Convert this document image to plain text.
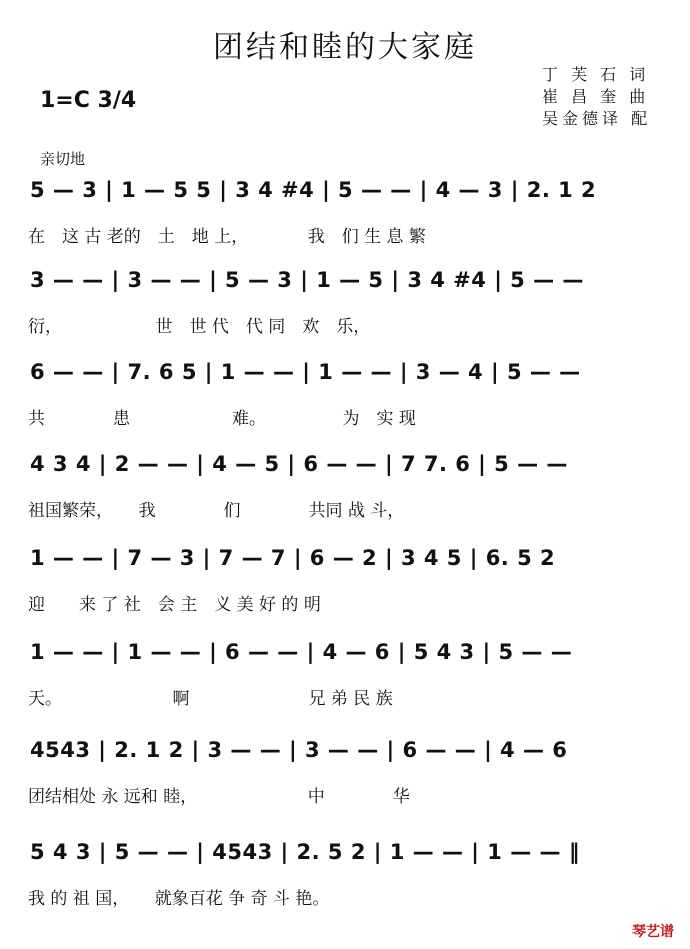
团结和睦的大家庭
1=C 3/4
丁 芙 石 词
崔 昌 奎 曲
吴金德译 配
亲切地
5 — 3 | 1 — 5 5 | 3 4 #4 | 5 — — | 4 — 3 | 2. 1 2
在　这 古 老的　土　地 上，　　　　我　们 生 息 繁
3 — — | 3 — — | 5 — 3 | 1 — 5 | 3 4 #4 | 5 — —
衍，　　　　　　世　世 代　代 同　欢　乐，
6 — — | 7. 6 5 | 1 — — | 1 — — | 3 — 4 | 5 — —
共　　　　患　　　　　　难。　　　　　为　实 现
4 3 4 | 2 — — | 4 — 5 | 6 — — | 7 7. 6 | 5 — —
祖国繁荣，　　我　　　　们　　　　共同 战 斗，
1 — — | 7 — 3 | 7 — 7 | 6 — 2 | 3 4 5 | 6. 5 2
迎　　来 了 社　会 主　义 美 好 的 明
1 — — | 1 — — | 6 — — | 4 — 6 | 5 4 3 | 5 — —
天。　　　　　　　啊　　　　　　　兄 弟 民 族
4543 | 2. 1 2 | 3 — — | 3 — — | 6 — — | 4 — 6
团结相处 永 远和 睦，　　　　　　　中　　　　华
5 4 3 | 5 — — | 4543 | 2. 5 2 | 1 — — | 1 — — ‖
我 的 祖 国，　　就象百花 争 奇 斗 艳。
琴艺谱
